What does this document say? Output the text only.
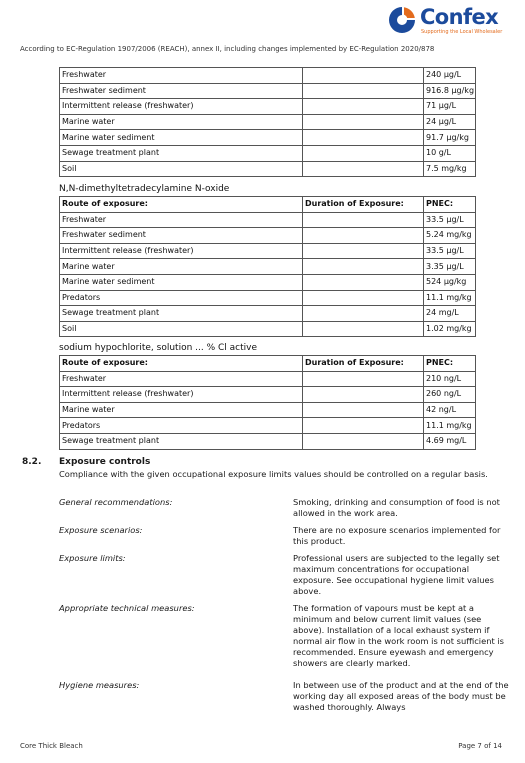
Confex
Supporting the Local Wholesaler
According to EC-Regulation 1907/2006 (REACH), annex II, including changes implemented by EC-Regulation 2020/878
Freshwater		240 µg/L
Freshwater sediment		916.8 µg/kg
Intermittent release (freshwater)		71 µg/L
Marine water		24 µg/L
Marine water sediment		91.7 µg/kg
Sewage treatment plant		10 g/L
Soil		7.5 mg/kg
N,N-dimethyltetradecylamine N-oxide
Route of exposure:	Duration of Exposure:	PNEC:
Freshwater		33.5 µg/L
Freshwater sediment		5.24 mg/kg
Intermittent release (freshwater)		33.5 µg/L
Marine water		3.35 µg/L
Marine water sediment		524 µg/kg
Predators		11.1 mg/kg
Sewage treatment plant		24 mg/L
Soil		1.02 mg/kg
sodium hypochlorite, solution ... % Cl active
Route of exposure:	Duration of Exposure:	PNEC:
Freshwater		210 ng/L
Intermittent release (freshwater)		260 ng/L
Marine water		42 ng/L
Predators		11.1 mg/kg
Sewage treatment plant		4.69 mg/L
8.2. Exposure controls
Compliance with the given occupational exposure limits values should be controlled on a regular basis.
General recommendations:	Smoking, drinking and consumption of food is not allowed in the work area.
Exposure scenarios:	There are no exposure scenarios implemented for this product.
Exposure limits:	Professional users are subjected to the legally set maximum concentrations for occupational exposure. See occupational hygiene limit values above.
Appropriate technical measures:	The formation of vapours must be kept at a minimum and below current limit values (see above). Installation of a local exhaust system if normal air flow in the work room is not sufficient is recommended. Ensure eyewash and emergency showers are clearly marked.
Hygiene measures:	In between use of the product and at the end of the working day all exposed areas of the body must be washed thoroughly. Always
Core Thick Bleach	Page 7 of 14
